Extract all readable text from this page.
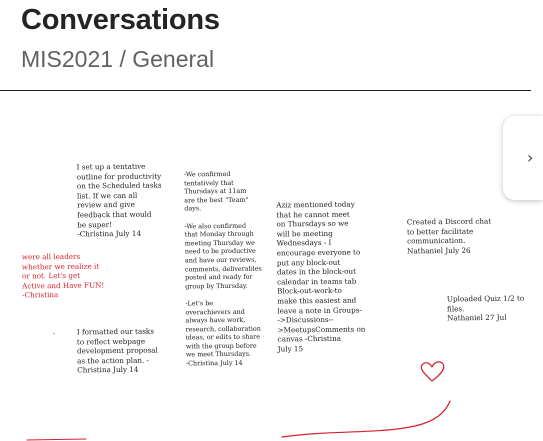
Conversations
MIS2021 / General
I set up a tentative
outline for productivity
on the Scheduled tasks
list. If we can all
review and give
feedback that would
be super!
-Christina July 14
-We confirmed
tentatively that
Thursdays at 11am
are the best "Team"
days.

-We also confirmed
that Monday through
meeting Thursday we
need to be productive
and have our reviews,
comments, deliverables
posted and ready for
group by Thursday.

-Let's be
overachievers and
always have work,
research, collaboration
ideas, or edits to share
with the group before
we meet Thursdays.
-Christina July 14
Aziz mentioned today
that he cannot meet
on Thursdays so we
will be meeting
Wednesdays - I
encourage everyone to
put any block-out
dates in the block-out
calendar in teams tab
Block-out-work-to
make this easiest and
leave a note in Groups-
->Discussions--
>MeetupsComments on
canvas -Christina
July 15
Created a Discord chat
to better facilitate
communication.
Nathaniel July 26
were all leaders
whether we realize it
or not. Let's get
Active and Have FUN!
-Christina
I formatted our tasks
to reflect webpage
development proposal
as the action plan. -
Christina July 14
Uploaded Quiz 1/2 to
files.
Nathaniel 27 Jul
›
